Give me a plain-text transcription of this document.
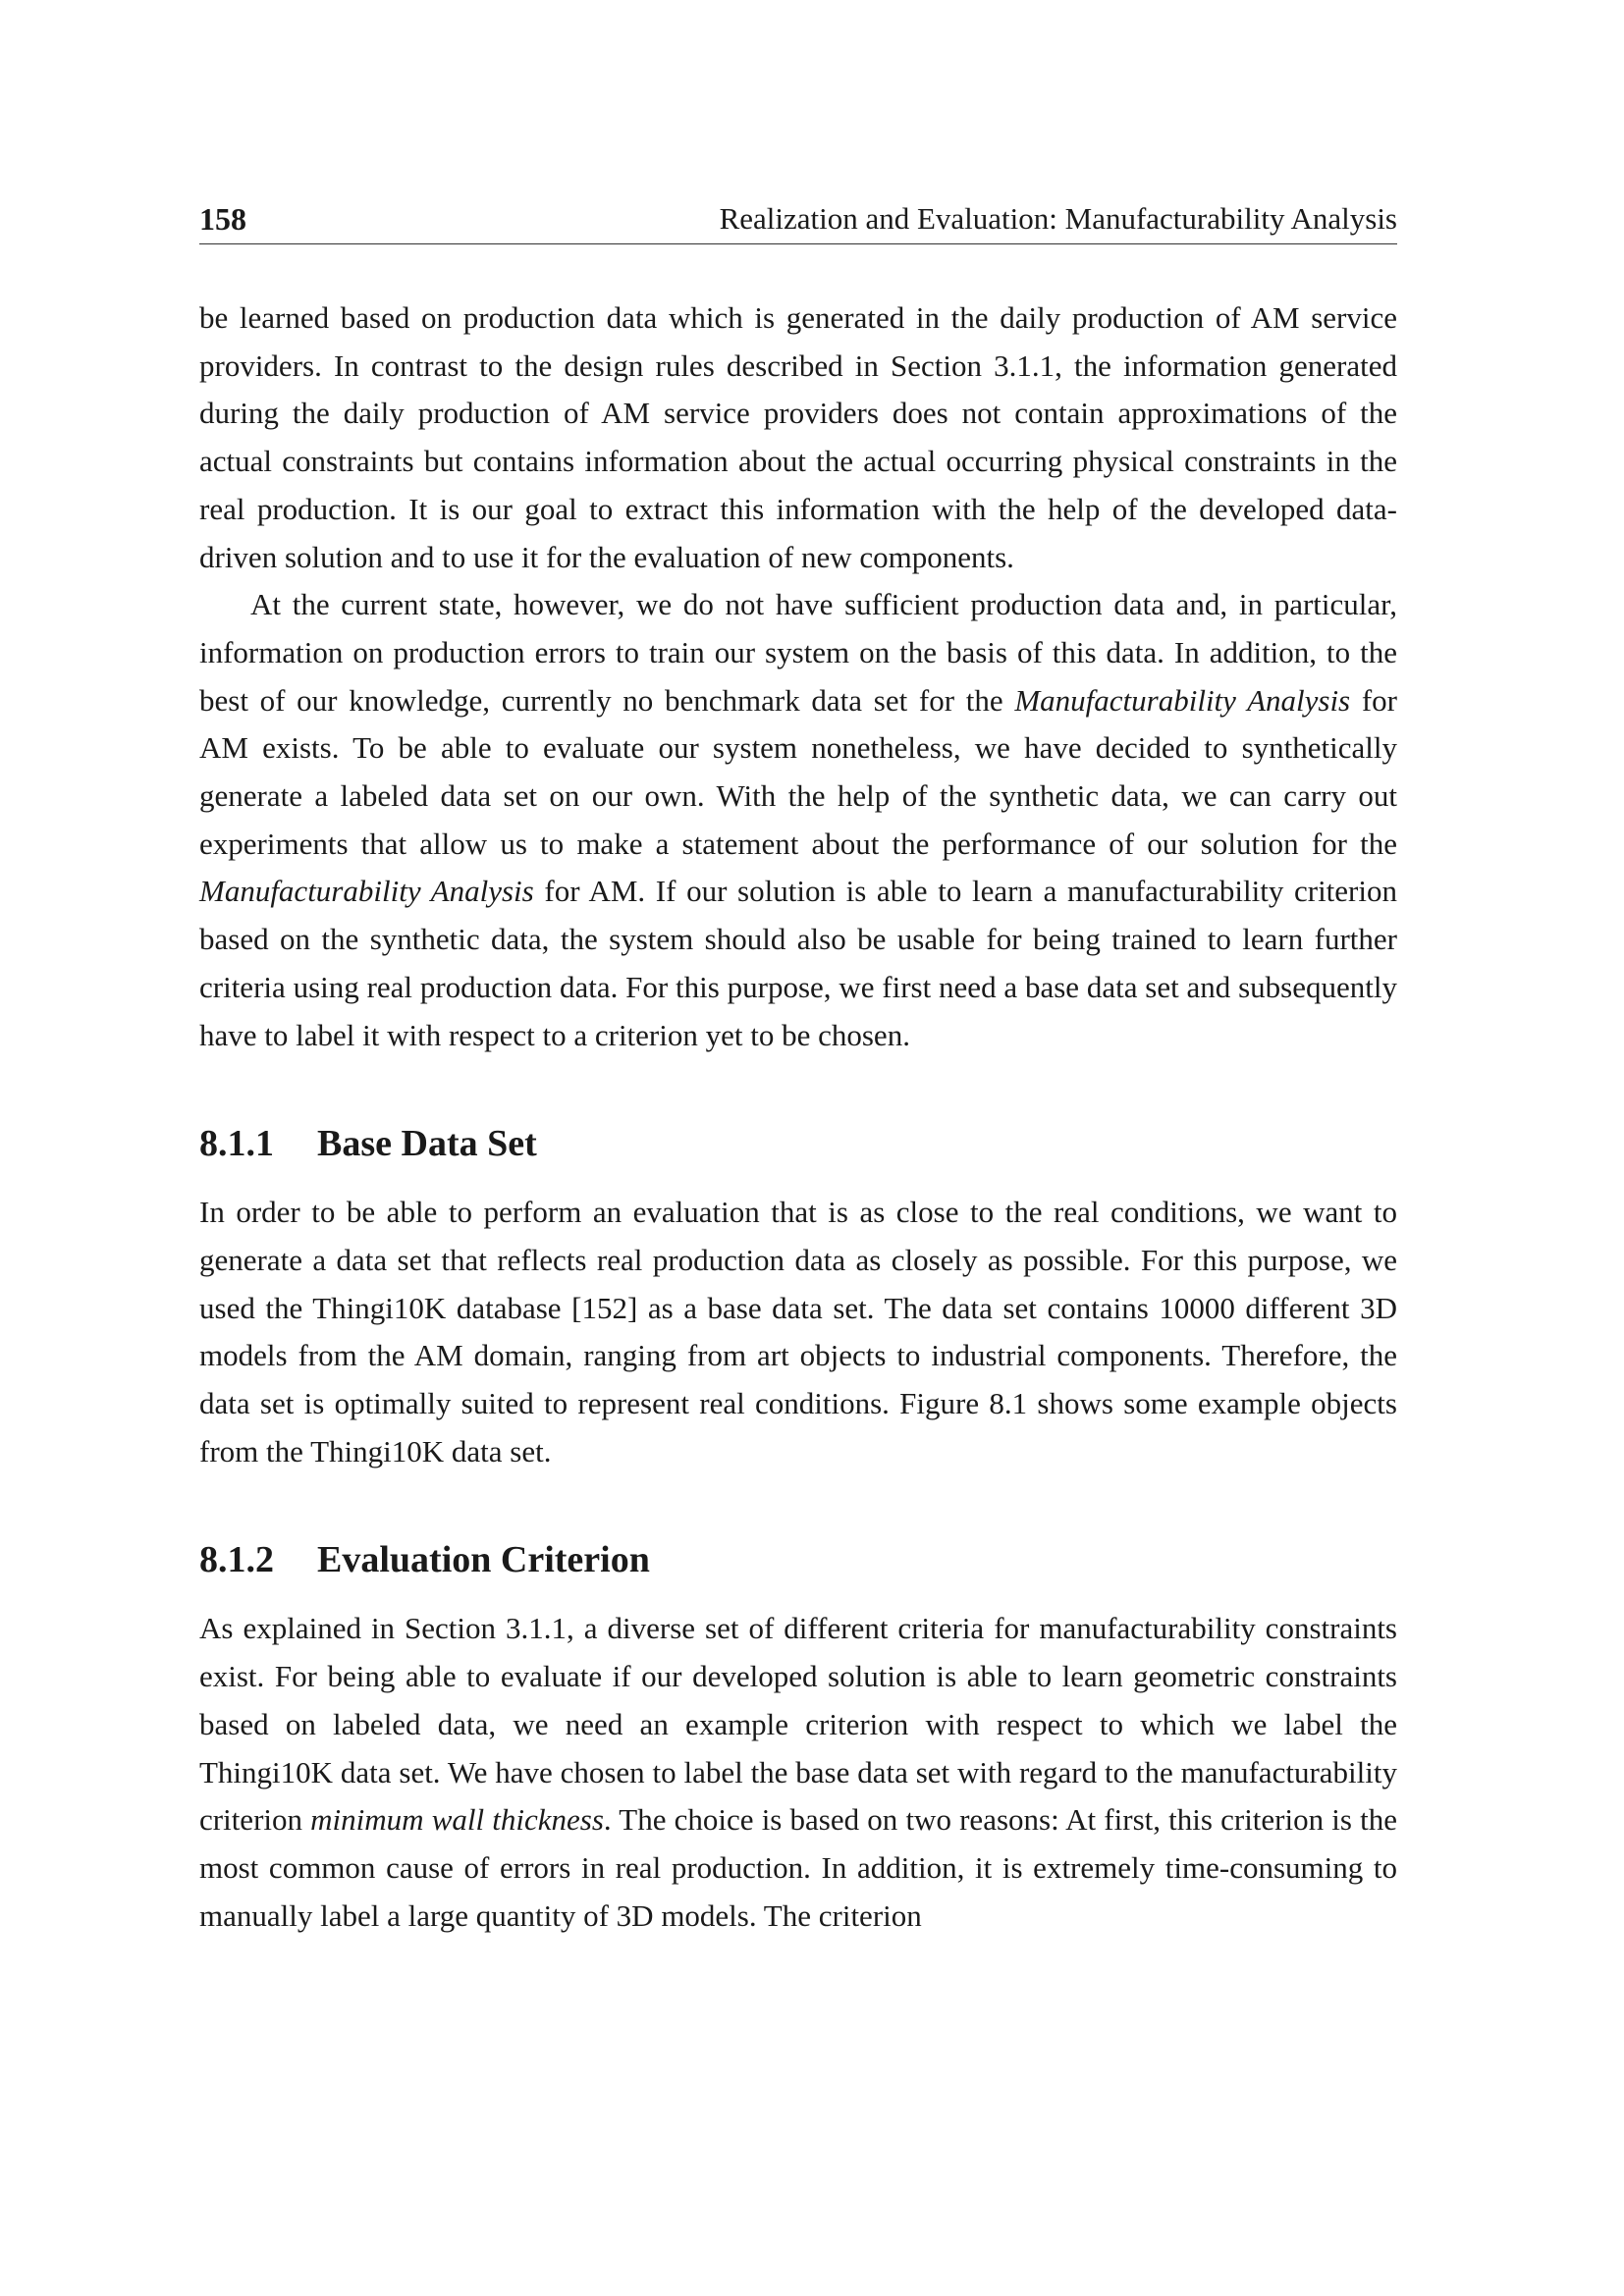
158	Realization and Evaluation: Manufacturability Analysis

be learned based on production data which is generated in the daily production of AM service providers. In contrast to the design rules described in Section 3.1.1, the information generated during the daily production of AM service providers does not contain approximations of the actual constraints but contains information about the actual occurring physical constraints in the real production. It is our goal to extract this information with the help of the developed data-driven solution and to use it for the evaluation of new components.

At the current state, however, we do not have sufficient production data and, in particular, information on production errors to train our system on the basis of this data. In addition, to the best of our knowledge, currently no benchmark data set for the Manufacturability Analysis for AM exists. To be able to evaluate our system nonetheless, we have decided to synthetically generate a labeled data set on our own. With the help of the synthetic data, we can carry out experiments that allow us to make a statement about the performance of our solution for the Manufacturability Analysis for AM. If our solution is able to learn a manufacturability criterion based on the synthetic data, the system should also be usable for being trained to learn further criteria using real production data. For this purpose, we first need a base data set and subsequently have to label it with respect to a criterion yet to be chosen.

8.1.1 Base Data Set

In order to be able to perform an evaluation that is as close to the real conditions, we want to generate a data set that reflects real production data as closely as possible. For this purpose, we used the Thingi10K database [152] as a base data set. The data set contains 10000 different 3D models from the AM domain, ranging from art objects to industrial components. Therefore, the data set is optimally suited to represent real conditions. Figure 8.1 shows some example objects from the Thingi10K data set.

8.1.2 Evaluation Criterion

As explained in Section 3.1.1, a diverse set of different criteria for manufacturability constraints exist. For being able to evaluate if our developed solution is able to learn geometric constraints based on labeled data, we need an example criterion with respect to which we label the Thingi10K data set. We have chosen to label the base data set with regard to the manufacturability criterion minimum wall thickness. The choice is based on two reasons: At first, this criterion is the most common cause of errors in real production. In addition, it is extremely time-consuming to manually label a large quantity of 3D models. The criterion
